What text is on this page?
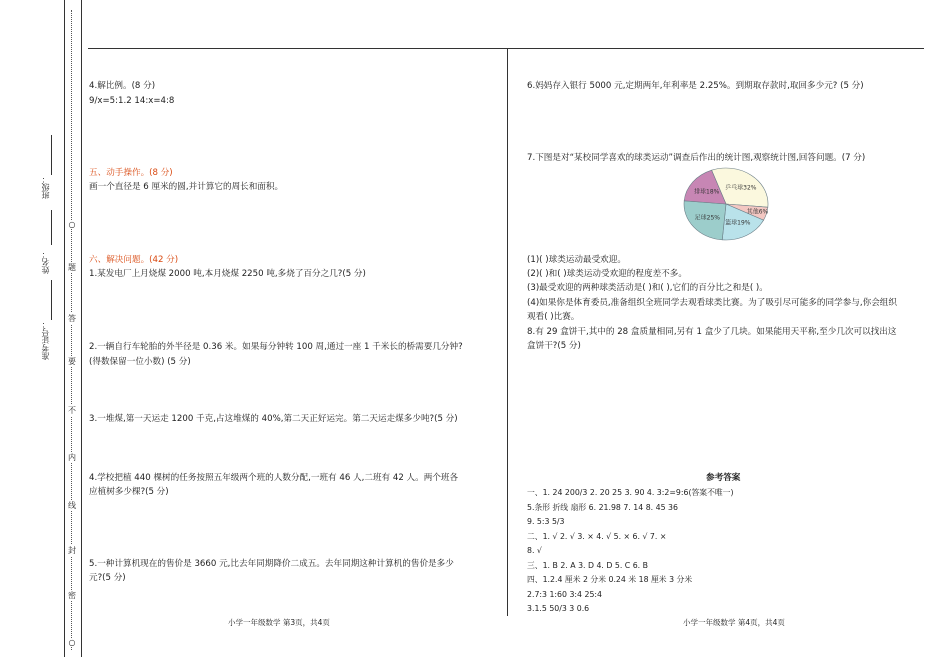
班级：
姓名：
准考证号：
○
题
答
要
不
内
线
封
密
○
4.解比例。(8 分)
9/x=5:1.2 14:x=4:8
五、动手操作。(8 分)
画一个直径是 6 厘米的圆,并计算它的周长和面积。
六、解决问题。(42 分)
1.某发电厂上月烧煤 2000 吨,本月烧煤 2250 吨,多烧了百分之几?(5 分)
2.一辆自行车轮胎的外半径是 0.36 米。如果每分钟转 100 周,通过一座 1 千米长的桥需要几分钟?
(得数保留一位小数) (5 分)
3.一堆煤,第一天运走 1200 千克,占这堆煤的 40%,第二天正好运完。第二天运走煤多少吨?(5 分)
4.学校把植 440 棵树的任务按照五年级两个班的人数分配,一班有 46 人,二班有 42 人。两个班各
应植树多少棵?(5 分)
5.一种计算机现在的售价是 3660 元,比去年同期降价二成五。去年同期这种计算机的售价是多少
元?(5 分)
小学一年级数学 第3页，共4页
6.妈妈存入银行 5000 元,定期两年,年利率是 2.25%。到期取存款时,取回多少元? (5 分)
7.下图是对“某校同学喜欢的球类运动”调查后作出的统计图,观察统计图,回答问题。(7 分)
乒乓球32%
其他6%
篮球19%
足球25%
排球18%
(1)( )球类运动最受欢迎。
(2)( )和( )球类运动受欢迎的程度差不多。
(3)最受欢迎的两种球类活动是( )和( ),它们的百分比之和是( )。
(4)如果你是体育委员,准备组织全班同学去观看球类比赛。为了吸引尽可能多的同学参与,你会组织
观看( )比赛。
8.有 29 盒饼干,其中的 28 盒质量相同,另有 1 盒少了几块。如果能用天平称,至少几次可以找出这
盒饼干?(5 分)
参考答案
一、1. 24 200/3 2. 20 25 3. 90 4. 3:2=9:6(答案不唯一)
5.条形 折线 扇形 6. 21.98 7. 14 8. 45 36
9. 5:3 5/3
二、1. √ 2. √ 3. × 4. √ 5. × 6. √ 7. ×
8. √
三、1. B 2. A 3. D 4. D 5. C 6. B
四、1.2.4 厘米 2 分米 0.24 米 18 厘米 3 分米
2.7:3 1:60 3:4 25:4
3.1.5 50/3 3 0.6
小学一年级数学 第4页，共4页
